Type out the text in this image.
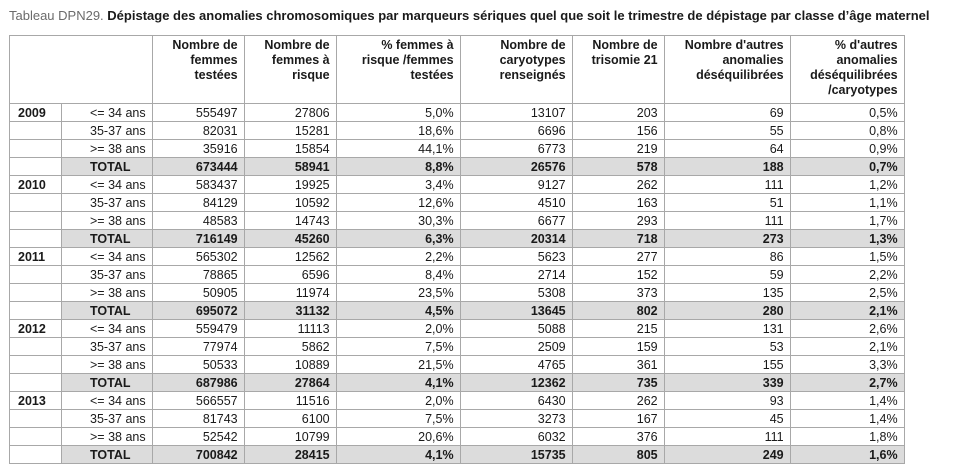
Tableau DPN29. Dépistage des anomalies chromosomiques par marqueurs sériques quel que soit le trimestre de dépistage par classe d’âge maternel
		Nombre de femmes testées	Nombre de femmes à risque	% femmes à risque /femmes testées	Nombre de caryotypes renseignés	Nombre de trisomie 21	Nombre d'autres anomalies déséquilibrées	% d'autres anomalies déséquilibrées /caryotypes
2009	<= 34 ans	555497	27806	5,0%	13107	203	69	0,5%
	35-37 ans	82031	15281	18,6%	6696	156	55	0,8%
	>= 38 ans	35916	15854	44,1%	6773	219	64	0,9%
	TOTAL	673444	58941	8,8%	26576	578	188	0,7%
2010	<= 34 ans	583437	19925	3,4%	9127	262	111	1,2%
	35-37 ans	84129	10592	12,6%	4510	163	51	1,1%
	>= 38 ans	48583	14743	30,3%	6677	293	111	1,7%
	TOTAL	716149	45260	6,3%	20314	718	273	1,3%
2011	<= 34 ans	565302	12562	2,2%	5623	277	86	1,5%
	35-37 ans	78865	6596	8,4%	2714	152	59	2,2%
	>= 38 ans	50905	11974	23,5%	5308	373	135	2,5%
	TOTAL	695072	31132	4,5%	13645	802	280	2,1%
2012	<= 34 ans	559479	11113	2,0%	5088	215	131	2,6%
	35-37 ans	77974	5862	7,5%	2509	159	53	2,1%
	>= 38 ans	50533	10889	21,5%	4765	361	155	3,3%
	TOTAL	687986	27864	4,1%	12362	735	339	2,7%
2013	<= 34 ans	566557	11516	2,0%	6430	262	93	1,4%
	35-37 ans	81743	6100	7,5%	3273	167	45	1,4%
	>= 38 ans	52542	10799	20,6%	6032	376	111	1,8%
	TOTAL	700842	28415	4,1%	15735	805	249	1,6%
